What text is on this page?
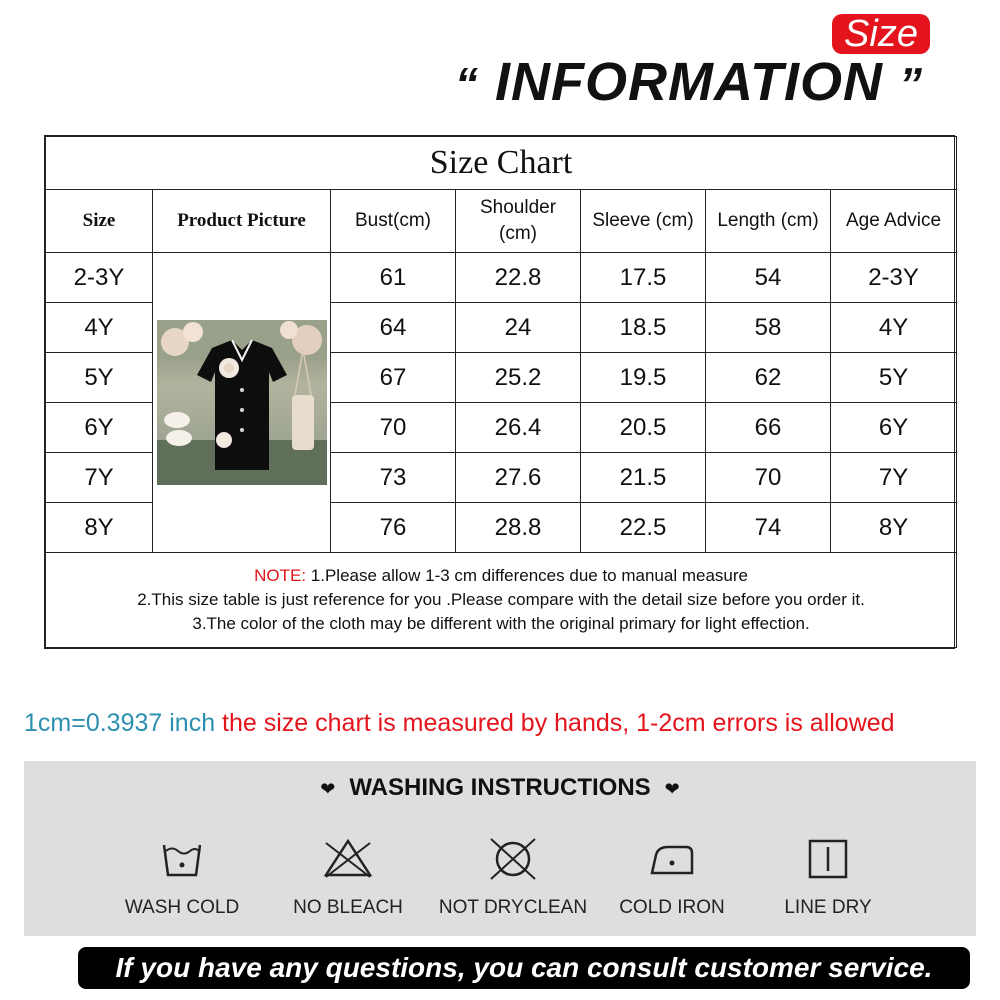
Size
“ INFORMATION ”
Size Chart						
Size	Product Picture	Bust(cm)	Shoulder (cm)	Sleeve (cm)	Length (cm)	Age Advice
2-3Y		61	22.8	17.5	54	2-3Y
4Y		64	24	18.5	58	4Y
5Y		67	25.2	19.5	62	5Y
6Y		70	26.4	20.5	66	6Y
7Y		73	27.6	21.5	70	7Y
8Y		76	28.8	22.5	74	8Y

NOTE: 1.Please allow 1-3 cm differences due to manual measure
2.This size table is just reference for you .Please compare with the detail size before you order it.
3.The color of the cloth may be different with the original primary for light effection.						
1cm=0.3937 inch the size chart is measured by hands, 1-2cm errors is allowed
❤ WASHING INSTRUCTIONS ❤
WASH COLD	NO BLEACH	NOT DRYCLEAN	COLD IRON	LINE DRY
If you have any questions, you can consult customer service.
